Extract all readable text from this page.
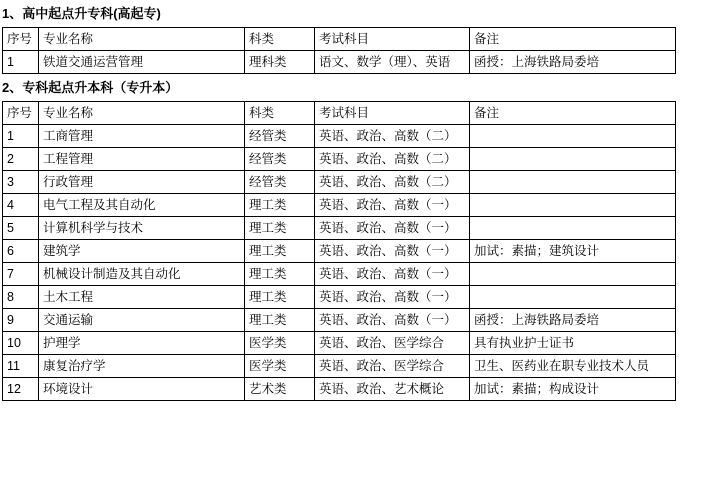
1、高中起点升专科(高起专)
序号	专业名称	科类	考试科目	备注
1	铁道交通运营管理	理科类	语文、数学（理）、英语	函授：上海铁路局委培
2、专科起点升本科（专升本）
序号	专业名称	科类	考试科目	备注
1	工商管理	经管类	英语、政治、高数（二）	
2	工程管理	经管类	英语、政治、高数（二）	
3	行政管理	经管类	英语、政治、高数（二）	
4	电气工程及其自动化	理工类	英语、政治、高数（一）	
5	计算机科学与技术	理工类	英语、政治、高数（一）	
6	建筑学	理工类	英语、政治、高数（一）	加试：素描；建筑设计
7	机械设计制造及其自动化	理工类	英语、政治、高数（一）	
8	土木工程	理工类	英语、政治、高数（一）	
9	交通运输	理工类	英语、政治、高数（一）	函授：上海铁路局委培
10	护理学	医学类	英语、政治、医学综合	具有执业护士证书
11	康复治疗学	医学类	英语、政治、医学综合	卫生、医药业在职专业技术人员
12	环境设计	艺术类	英语、政治、艺术概论	加试：素描；构成设计
